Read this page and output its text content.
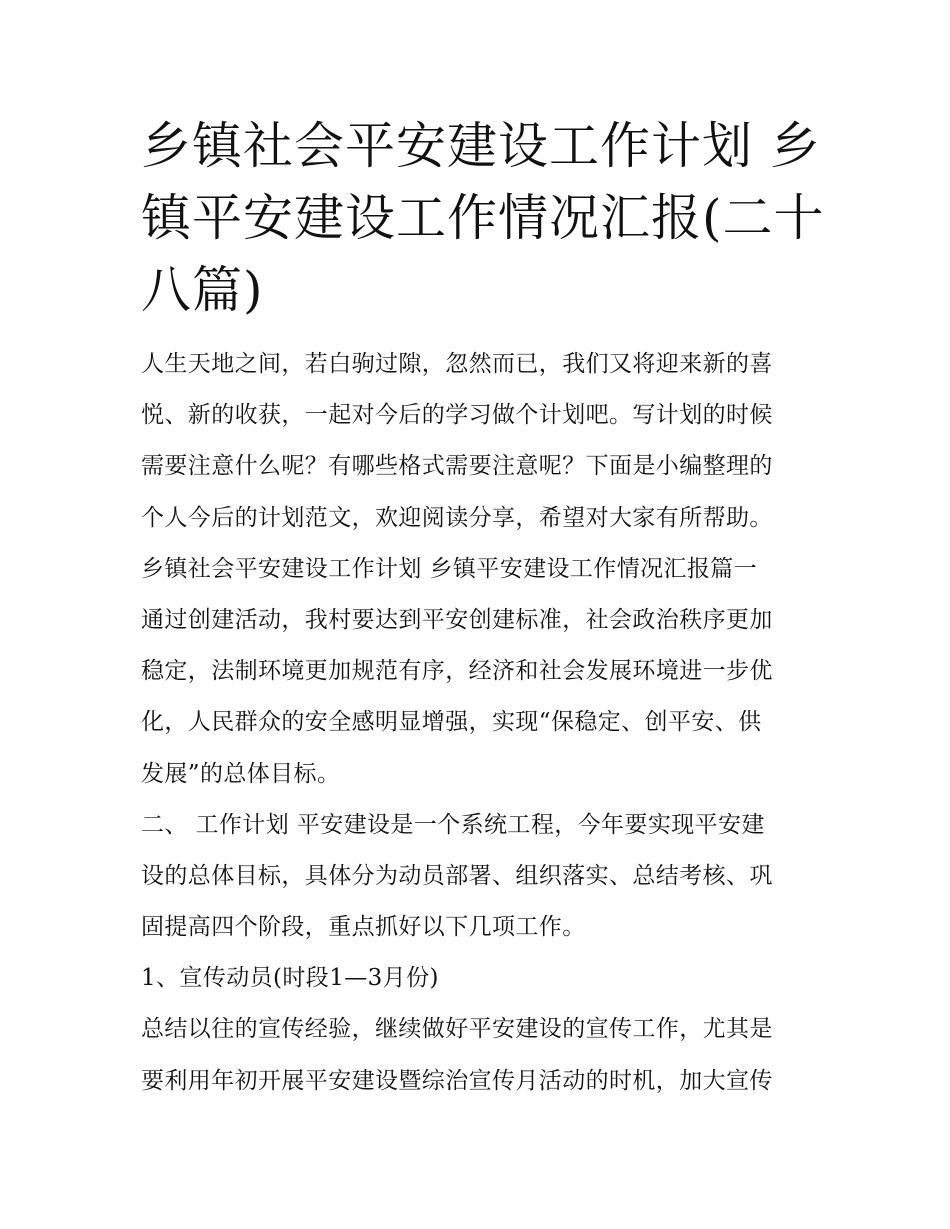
乡镇社会平安建设工作计划 乡
镇平安建设工作情况汇报(二十
八篇)
人生天地之间，若白驹过隙，忽然而已，我们又将迎来新的喜
悦、新的收获，一起对今后的学习做个计划吧。写计划的时候
需要注意什么呢？有哪些格式需要注意呢？下面是小编整理的
个人今后的计划范文，欢迎阅读分享，希望对大家有所帮助。
乡镇社会平安建设工作计划 乡镇平安建设工作情况汇报篇一
通过创建活动，我村要达到平安创建标准，社会政治秩序更加
稳定，法制环境更加规范有序，经济和社会发展环境进一步优
化，人民群众的安全感明显增强，实现“保稳定、创平安、供
发展”的总体目标。
二、 工作计划 平安建设是一个系统工程，今年要实现平安建
设的总体目标，具体分为动员部署、组织落实、总结考核、巩
固提高四个阶段，重点抓好以下几项工作。
1、宣传动员(时段1—3月份)
总结以往的宣传经验，继续做好平安建设的宣传工作，尤其是
要利用年初开展平安建设暨综治宣传月活动的时机，加大宣传
